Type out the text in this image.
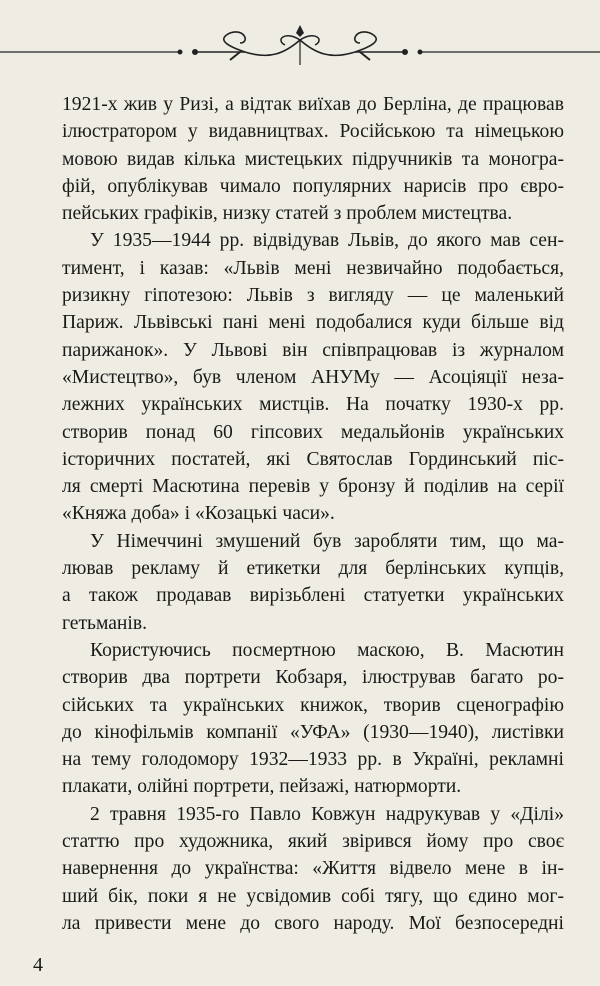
1921-х жив у Ризі, а відтак виїхав до Берліна, де працював
ілюстратором у видавництвах. Російською та німецькою
мовою видав кілька мистецьких підручників та моногра-
фій, опублікував чимало популярних нарисів про євро-
пейських графіків, низку статей з проблем мистецтва.
У 1935—1944 рр. відвідував Львів, до якого мав сен-
тимент, і казав: «Львів мені незвичайно подобається,
ризикну гіпотезою: Львів з вигляду — це маленький
Париж. Львівські пані мені подобалися куди більше від
парижанок». У Львові він співпрацював із журналом
«Мистецтво», був членом АНУМу — Асоціяції неза-
лежних українських мистців. На початку 1930-х рр.
створив понад 60 гіпсових медальйонів українських
історичних постатей, які Святослав Гординський піс-
ля смерті Масютина перевів у бронзу й поділив на серії
«Княжа доба» і «Козацькі часи».
У Німеччині змушений був заробляти тим, що ма-
лював рекламу й етикетки для берлінських купців,
а також продавав вирізьблені статуетки українських
гетьманів.
Користуючись посмертною маскою, В. Масютин
створив два портрети Кобзаря, ілюстрував багато ро-
сійських та українських книжок, творив сценографію
до кінофільмів компанії «УФА» (1930—1940), листівки
на тему голодомору 1932—1933 рр. в Україні, рекламні
плакати, олійні портрети, пейзажі, натюрморти.
2 травня 1935-го Павло Ковжун надрукував у «Ділі»
статтю про художника, який звірився йому про своє
навернення до українства: «Життя відвело мене в ін-
ший бік, поки я не усвідомив собі тягу, що єдино мог-
ла привести мене до свого народу. Мої безпосередні
4
